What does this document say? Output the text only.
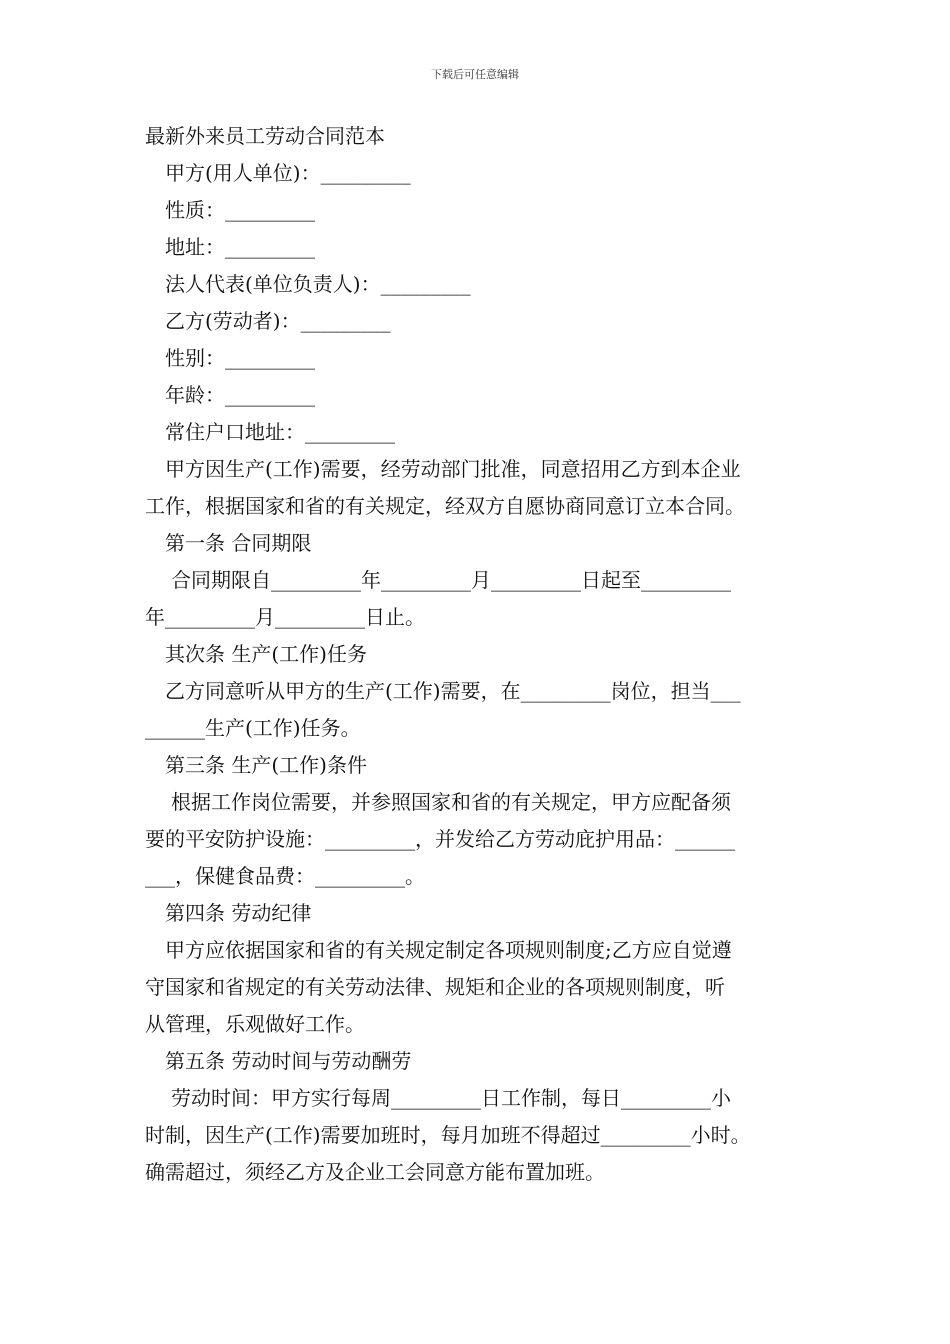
下载后可任意编辑
最新外来员工劳动合同范本
甲方(用人单位)：_________
性质：_________
地址：_________
法人代表(单位负责人)：_________
乙方(劳动者)：_________
性别：_________
年龄：_________
常住户口地址：_________
甲方因生产(工作)需要，经劳动部门批准，同意招用乙方到本企业
工作，根据国家和省的有关规定，经双方自愿协商同意订立本合同。
第一条 合同期限
合同期限自_________年_________月_________日起至_________
年_________月_________日止。
其次条 生产(工作)任务
乙方同意听从甲方的生产(工作)需要，在_________岗位，担当___
______生产(工作)任务。
第三条 生产(工作)条件
根据工作岗位需要，并参照国家和省的有关规定，甲方应配备须
要的平安防护设施：_________，并发给乙方劳动庇护用品：______
___，保健食品费：_________。
第四条 劳动纪律
甲方应依据国家和省的有关规定制定各项规则制度;乙方应自觉遵
守国家和省规定的有关劳动法律、规矩和企业的各项规则制度，听
从管理，乐观做好工作。
第五条 劳动时间与劳动酬劳
劳动时间：甲方实行每周_________日工作制，每日_________小
时制，因生产(工作)需要加班时，每月加班不得超过_________小时。
确需超过，须经乙方及企业工会同意方能布置加班。
